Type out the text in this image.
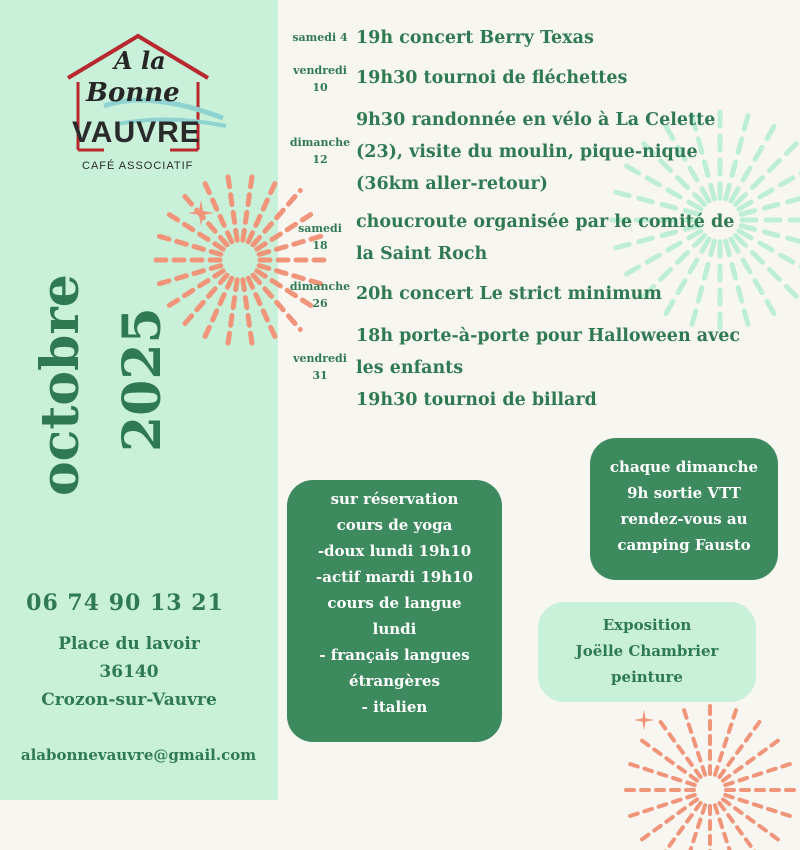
A la
Bonne
VAUVRE
CAFÉ ASSOCIATIF
octobre 2025
06 74 90 13 21
Place du lavoir
36140
Crozon-sur-Vauvre
alabonnevauvre@gmail.com
samedi 4 19h concert Berry Texas
vendredi
10	19h30 tournoi de fléchettes
dimanche
12
9h30 randonnée en vélo à La Celette
(23), visite du moulin, pique-nique
(36km aller-retour)
samedi
18
choucroute organisée par le comité de
la Saint Roch
dimanche
26	20h concert Le strict minimum
vendredi
31
18h porte-à-porte pour Halloween avec
les enfants
19h30 tournoi de billard
sur réservation
cours de yoga
-doux lundi 19h10
-actif mardi 19h10
cours de langue
lundi
- français langues
étrangères
- italien
chaque dimanche
9h sortie VTT
rendez-vous au
camping Fausto
Exposition
Joëlle Chambrier
peinture
